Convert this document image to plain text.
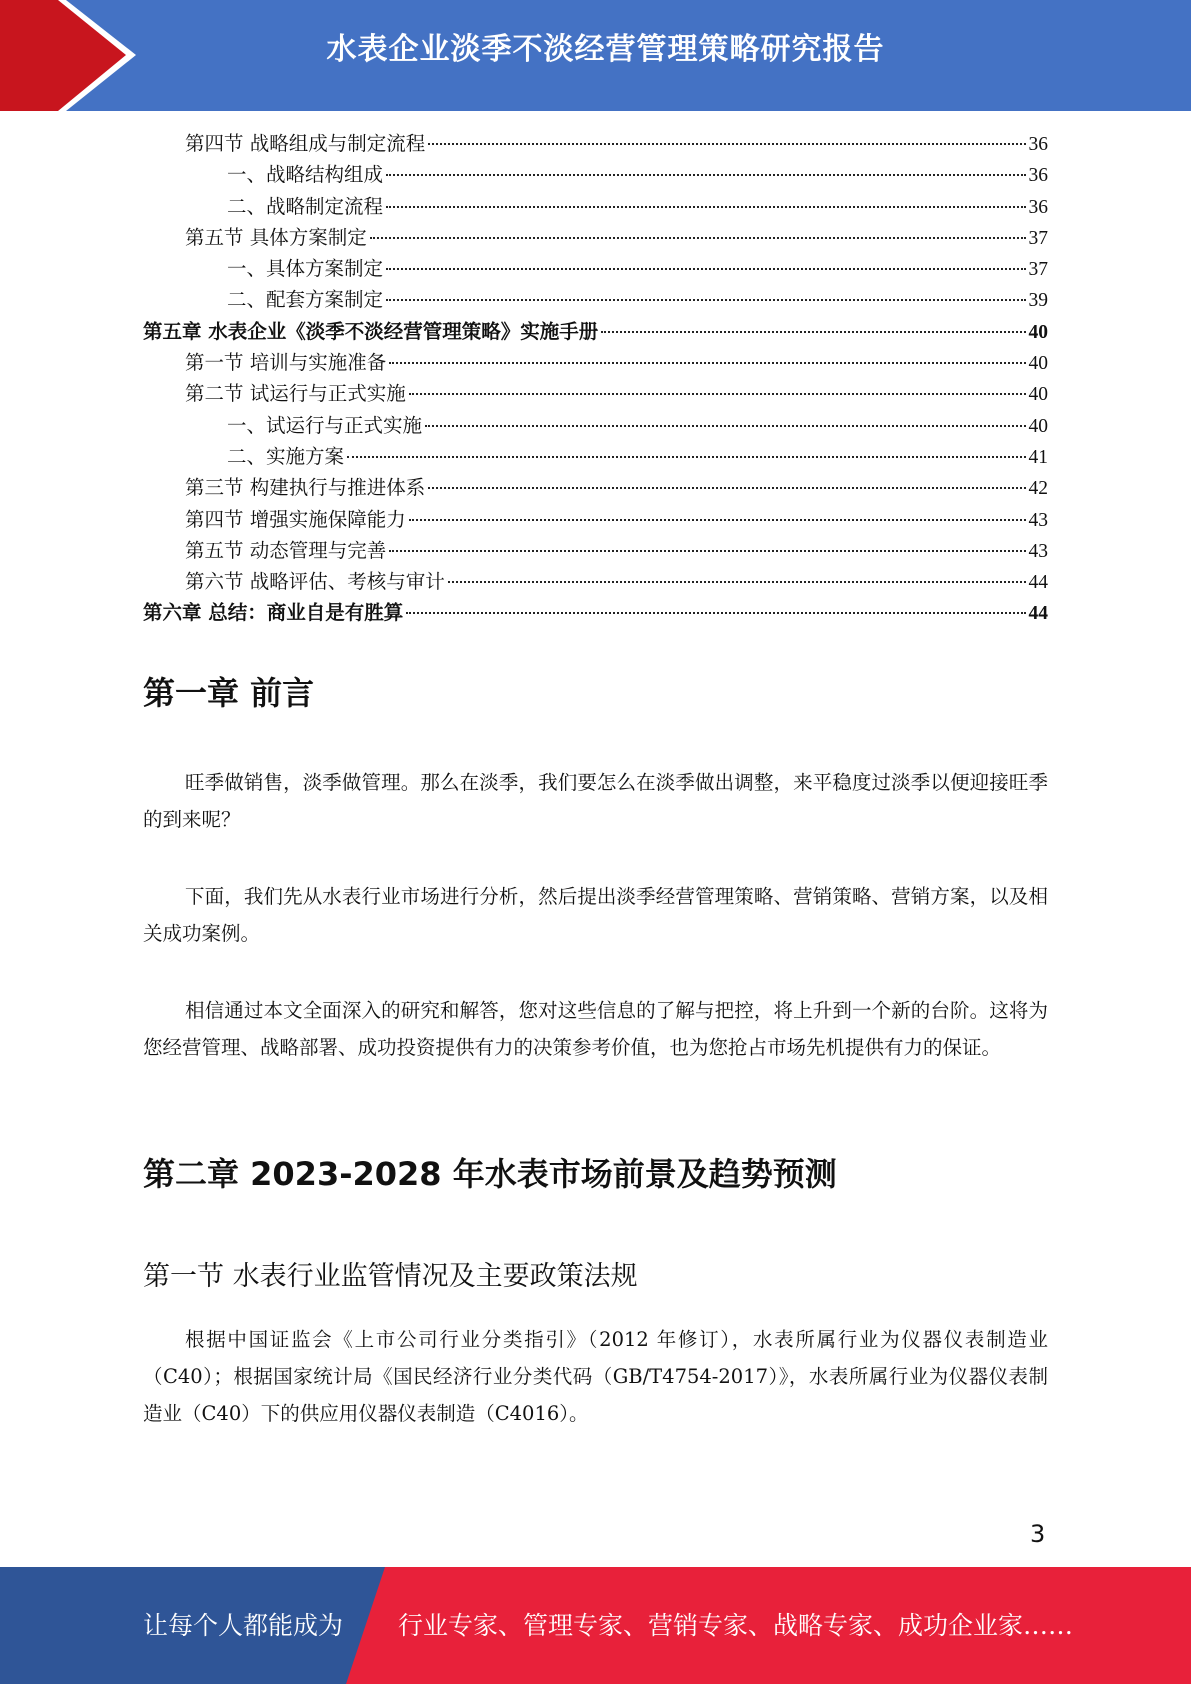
水表企业淡季不淡经营管理策略研究报告
第四节 战略组成与制定流程	36
一、战略结构组成	36
二、战略制定流程	36
第五节 具体方案制定	37
一、具体方案制定	37
二、配套方案制定	39
第五章 水表企业《淡季不淡经营管理策略》实施手册	40
第一节 培训与实施准备	40
第二节 试运行与正式实施	40
一、试运行与正式实施	40
二、实施方案	41
第三节 构建执行与推进体系	42
第四节 增强实施保障能力	43
第五节 动态管理与完善	43
第六节 战略评估、考核与审计	44
第六章 总结：商业自是有胜算	44
第一章 前言

旺季做销售，淡季做管理。那么在淡季，我们要怎么在淡季做出调整，来平稳度过淡季以便迎接旺季的到来呢？

下面，我们先从水表行业市场进行分析，然后提出淡季经营管理策略、营销策略、营销方案，以及相关成功案例。

相信通过本文全面深入的研究和解答，您对这些信息的了解与把控，将上升到一个新的台阶。这将为您经营管理、战略部署、成功投资提供有力的决策参考价值，也为您抢占市场先机提供有力的保证。

第二章 2023-2028 年水表市场前景及趋势预测
第一节 水表行业监管情况及主要政策法规

根据中国证监会《上市公司行业分类指引》（2012 年修订），水表所属行业为仪器仪表制造业（C40）；根据国家统计局《国民经济行业分类代码（GB/T4754-2017）》，水表所属行业为仪器仪表制造业（C40）下的供应用仪器仪表制造（C4016）。

3
让每个人都能成为 行业专家、管理专家、营销专家、战略专家、成功企业家……
